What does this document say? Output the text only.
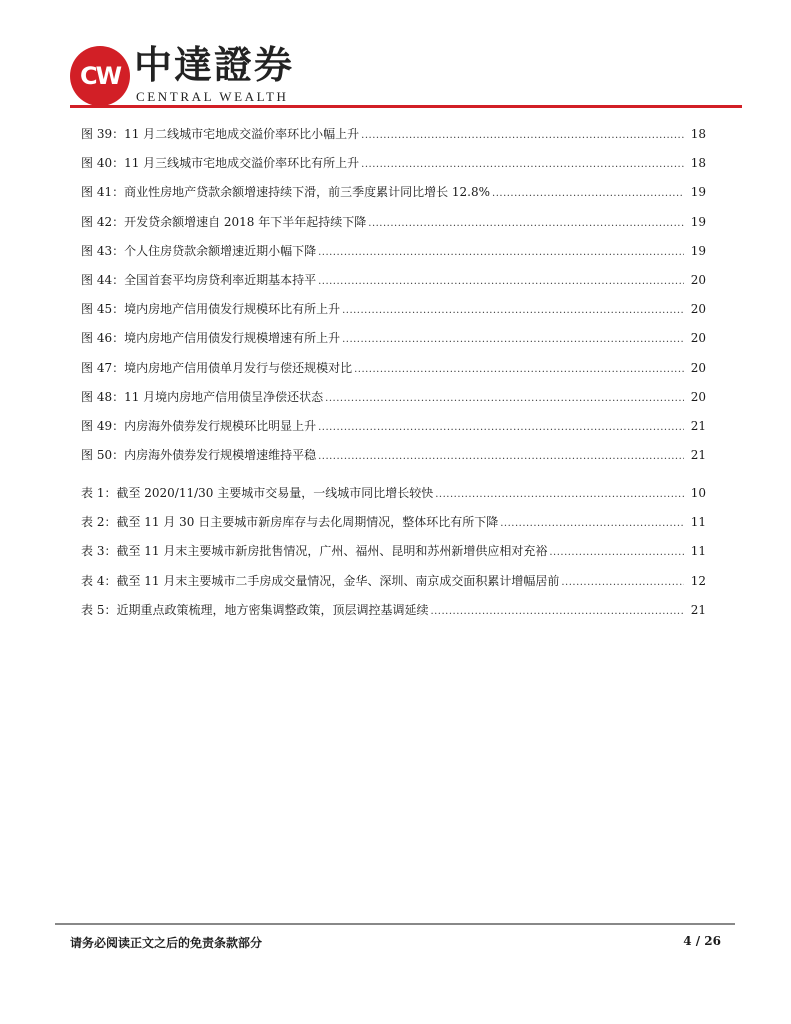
CW 中達證券
CENTRAL WEALTH
图 39：11 月二线城市宅地成交溢价率环比小幅上升 .....	18
图 40：11 月三线城市宅地成交溢价率环比有所上升 .....	18
图 41：商业性房地产贷款余额增速持续下滑，前三季度累计同比增长 12.8% .....	19
图 42：开发贷余额增速自 2018 年下半年起持续下降 .....	19
图 43：个人住房贷款余额增速近期小幅下降 .....	19
图 44：全国首套平均房贷利率近期基本持平 .....	20
图 45：境内房地产信用债发行规模环比有所上升 .....	20
图 46：境内房地产信用债发行规模增速有所上升 .....	20
图 47：境内房地产信用债单月发行与偿还规模对比 .....	20
图 48：11 月境内房地产信用债呈净偿还状态 .....	20
图 49：内房海外债券发行规模环比明显上升 .....	21
图 50：内房海外债券发行规模增速维持平稳 .....	21
表 1：截至 2020/11/30 主要城市交易量，一线城市同比增长较快 .....	10
表 2：截至 11 月 30 日主要城市新房库存与去化周期情况，整体环比有所下降 .....	11
表 3：截至 11 月末主要城市新房批售情况，广州、福州、昆明和苏州新增供应相对充裕 .....	11
表 4：截至 11 月末主要城市二手房成交量情况，金华、深圳、南京成交面积累计增幅居前 .....	12
表 5：近期重点政策梳理，地方密集调整政策，顶层调控基调延续 .....	21
请务必阅读正文之后的免责条款部分	4 / 26
